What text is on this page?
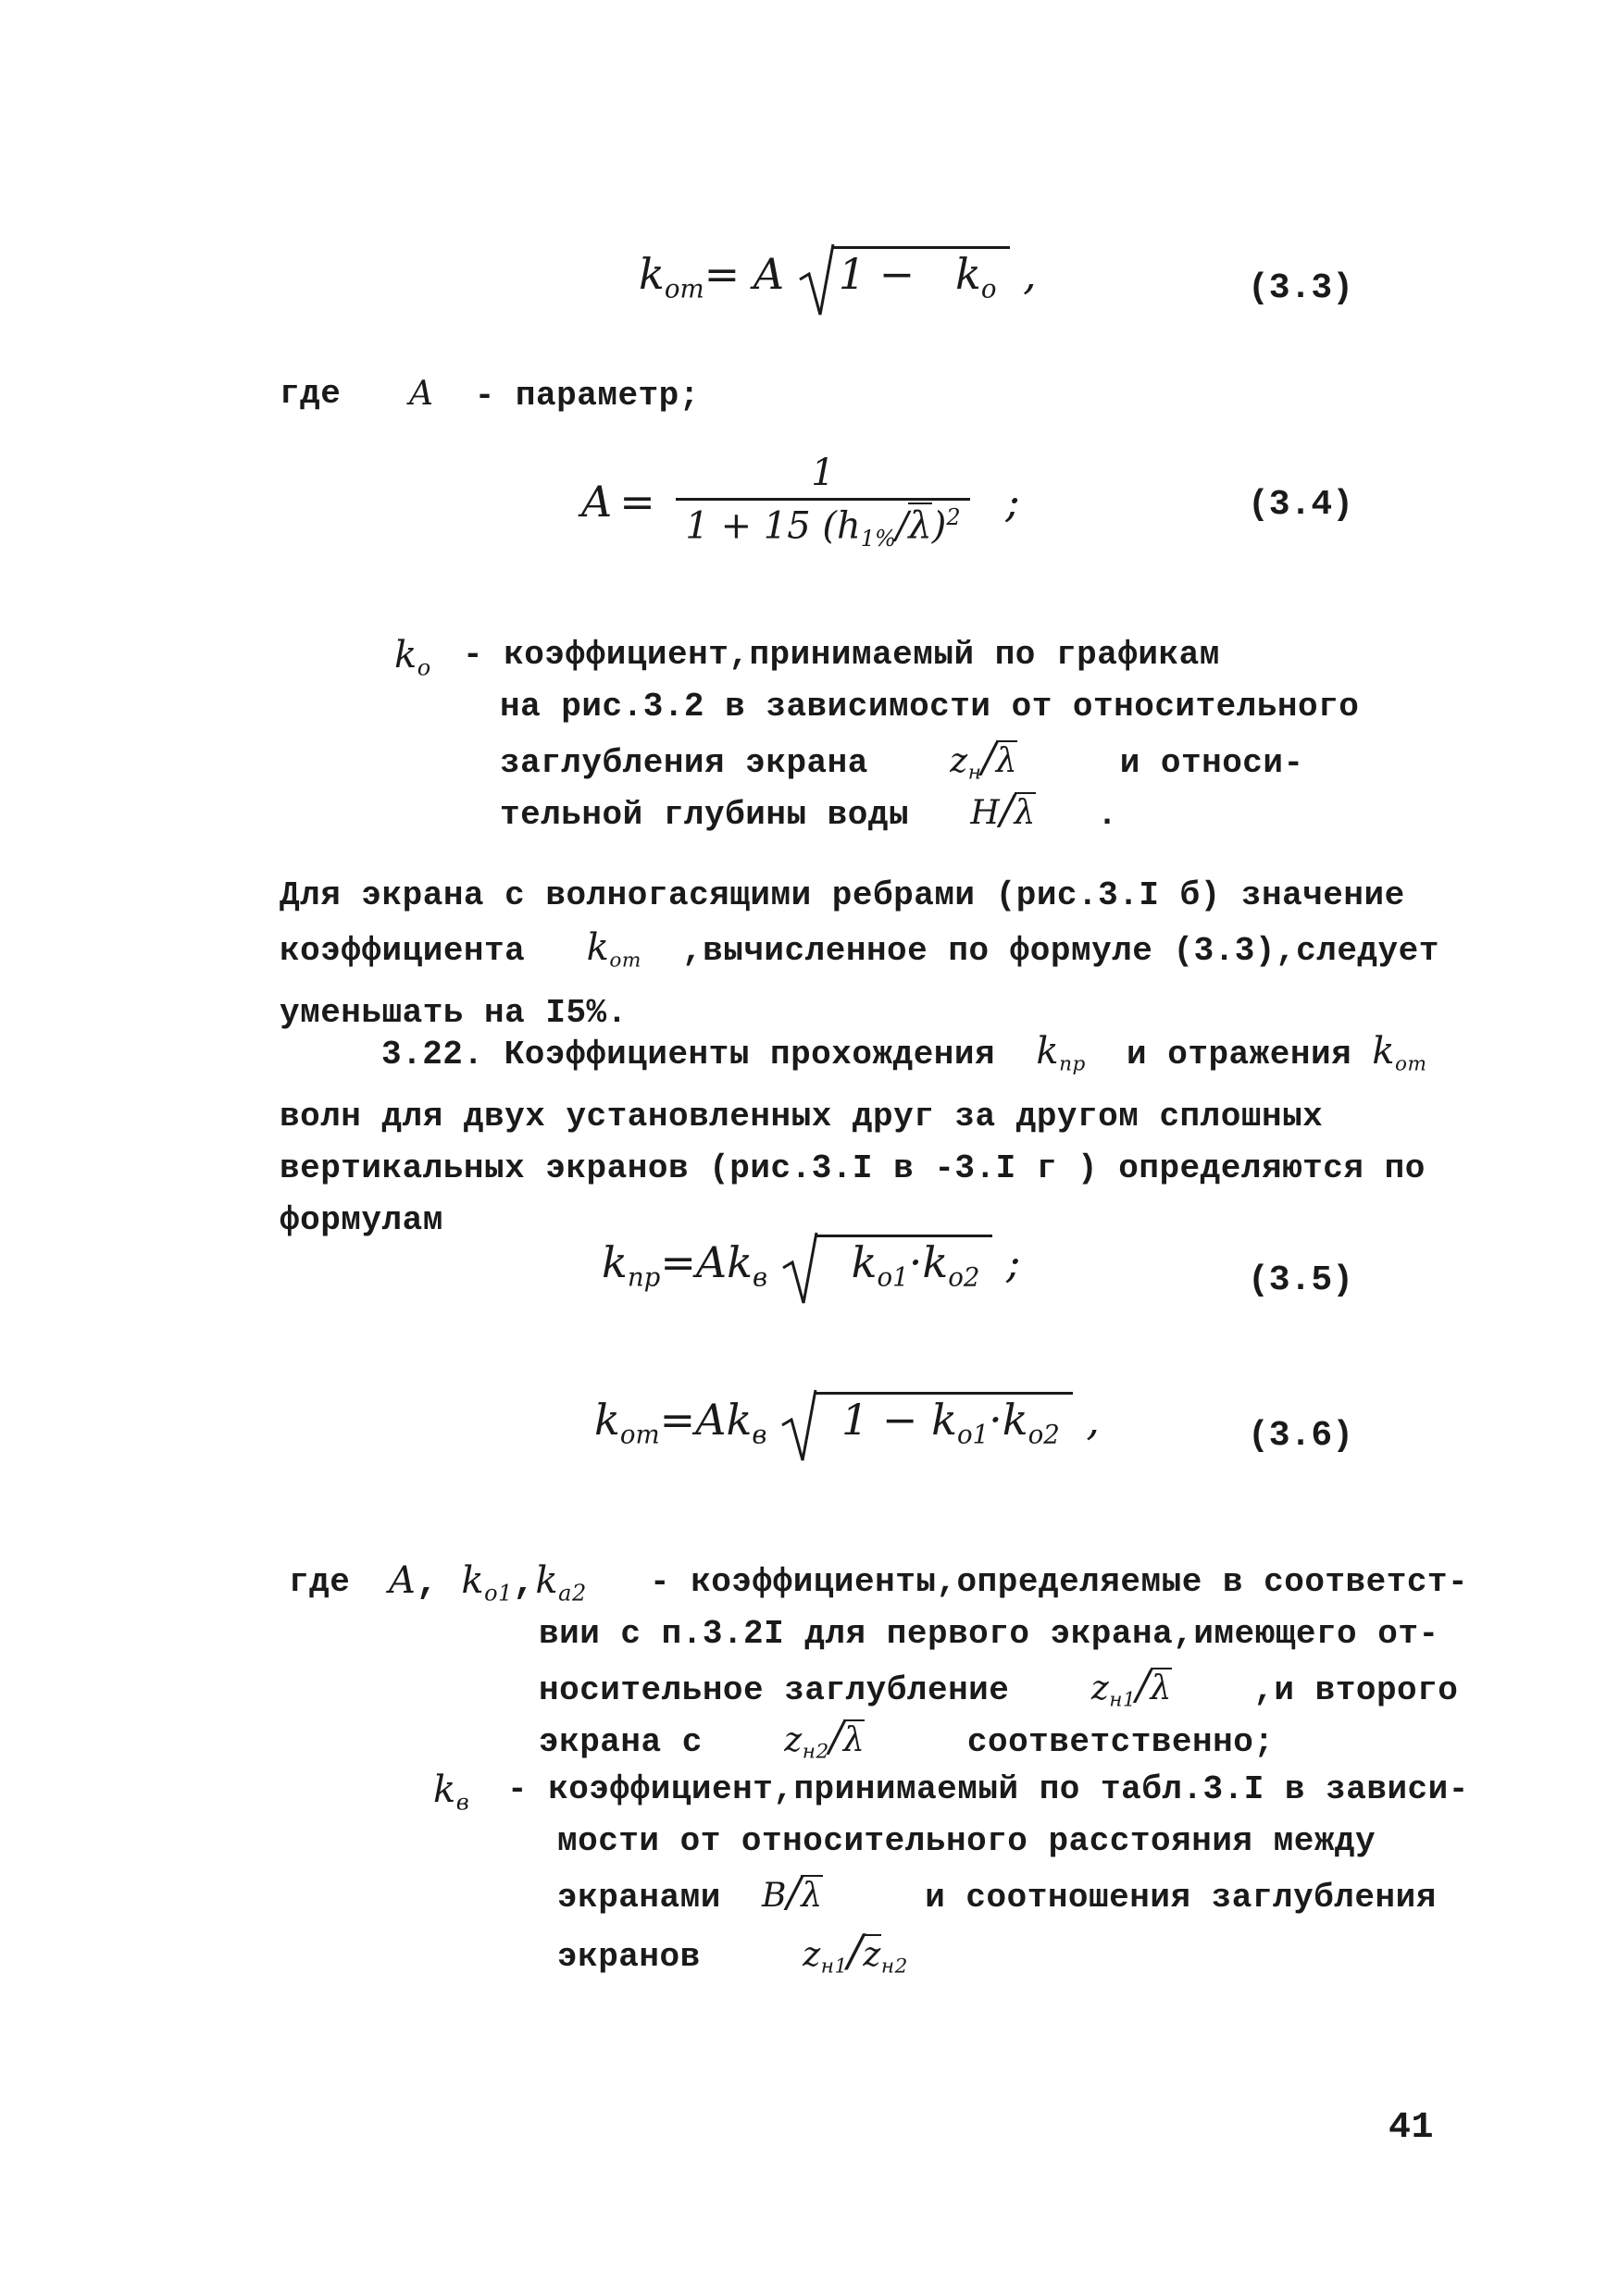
$k_{от}= A$ $1 - k_о$ ,	(3.3)
где A - параметр;
$A = \frac{1}{1 + 15 (h_{1\%}/\lambda)^2}$ ;	(3.4)
$k_о$ - коэффициент,принимаемый по графикам
на рис.3.2 в зависимости от относительного
заглубления экрана $z_н/\lambda$	и относи-
тельной глубины воды H/λ .
Для экрана с волногасящими ребрами (рис.3.I б) значение коэффициента $k_{от}$ ,вычисленное по формуле (3.3),следует уменьшать на I5%.
3.22. Коэффициенты прохождения $k_{пр}$ и отражения $k_{от}$ волн для двух установленных друг за другом сплошных вертикальных экранов (рис.3.I в -3.I г ) определяются по формулам
$k_{пр}=Ak_в$ $k_{о1}\cdot k_{о2}$ ;	(3.5)
$k_{от}=Ak_в$ $1 - k_{о1}\cdot k_{о2}$ ,	(3.6)
где A, $k_{о1},k_{а2}$ - коэффициенты,определяемые в соответст-
вии с п.3.2I для первого экрана,имеющего от-
носительное заглубление $z_{н1}/\lambda$ ,и второго
экрана с $z_{н2}/\lambda$	соответственно;
$k_в$ - коэффициент,принимаемый по табл.3.I в зависи-
мости от относительного расстояния между
экранами B/λ	и соотношения заглубления
экранов	$z_{н1}/z_{н2}$
41
